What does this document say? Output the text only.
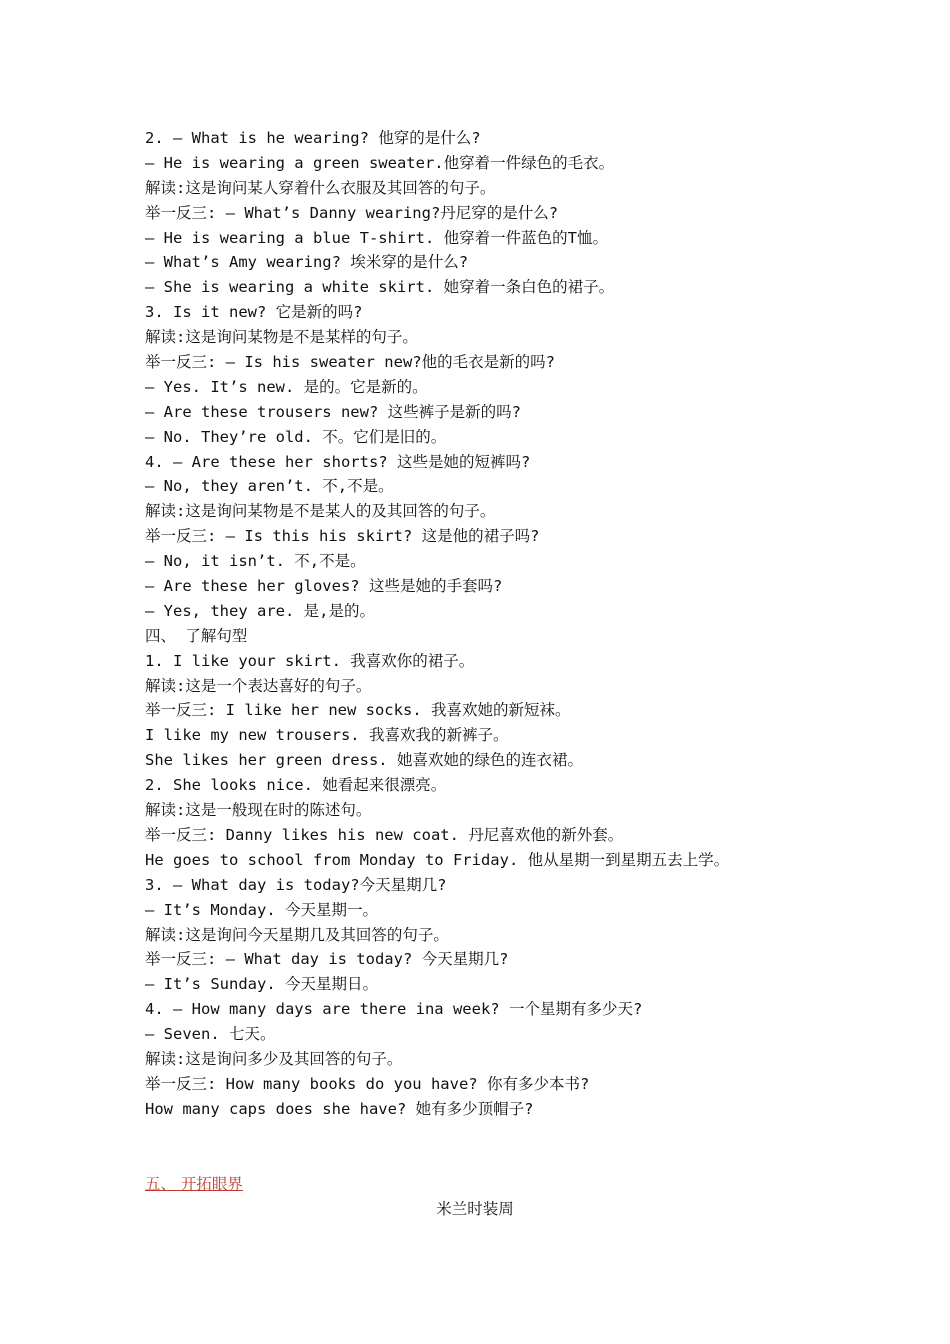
2. — What is he wearing? 他穿的是什么?
— He is wearing a green sweater.他穿着一件绿色的毛衣。
解读:这是询问某人穿着什么衣服及其回答的句子。
举一反三: — What’s Danny wearing?丹尼穿的是什么?
— He is wearing a blue T-shirt. 他穿着一件蓝色的T恤。
— What’s Amy wearing? 埃米穿的是什么?
— She is wearing a white skirt. 她穿着一条白色的裙子。
3. Is it new? 它是新的吗?
解读:这是询问某物是不是某样的句子。
举一反三: — Is his sweater new?他的毛衣是新的吗?
— Yes. It’s new. 是的。它是新的。
— Are these trousers new? 这些裤子是新的吗?
— No. They’re old. 不。它们是旧的。
4. — Are these her shorts? 这些是她的短裤吗?
— No, they aren’t. 不,不是。
解读:这是询问某物是不是某人的及其回答的句子。
举一反三: — Is this his skirt? 这是他的裙子吗?
— No, it isn’t. 不,不是。
— Are these her gloves? 这些是她的手套吗?
— Yes, they are. 是,是的。
四、 了解句型
1. I like your skirt. 我喜欢你的裙子。
解读:这是一个表达喜好的句子。
举一反三: I like her new socks. 我喜欢她的新短袜。
I like my new trousers. 我喜欢我的新裤子。
She likes her green dress. 她喜欢她的绿色的连衣裙。
2. She looks nice. 她看起来很漂亮。
解读:这是一般现在时的陈述句。
举一反三: Danny likes his new coat. 丹尼喜欢他的新外套。
He goes to school from Monday to Friday. 他从星期一到星期五去上学。
3. — What day is today?今天星期几?
— It’s Monday. 今天星期一。
解读:这是询问今天星期几及其回答的句子。
举一反三: — What day is today? 今天星期几?
— It’s Sunday. 今天星期日。
4. — How many days are there ina week? 一个星期有多少天?
— Seven. 七天。
解读:这是询问多少及其回答的句子。
举一反三: How many books do you have? 你有多少本书?
How many caps does she have? 她有多少顶帽子?
五、 开拓眼界
米兰时装周
